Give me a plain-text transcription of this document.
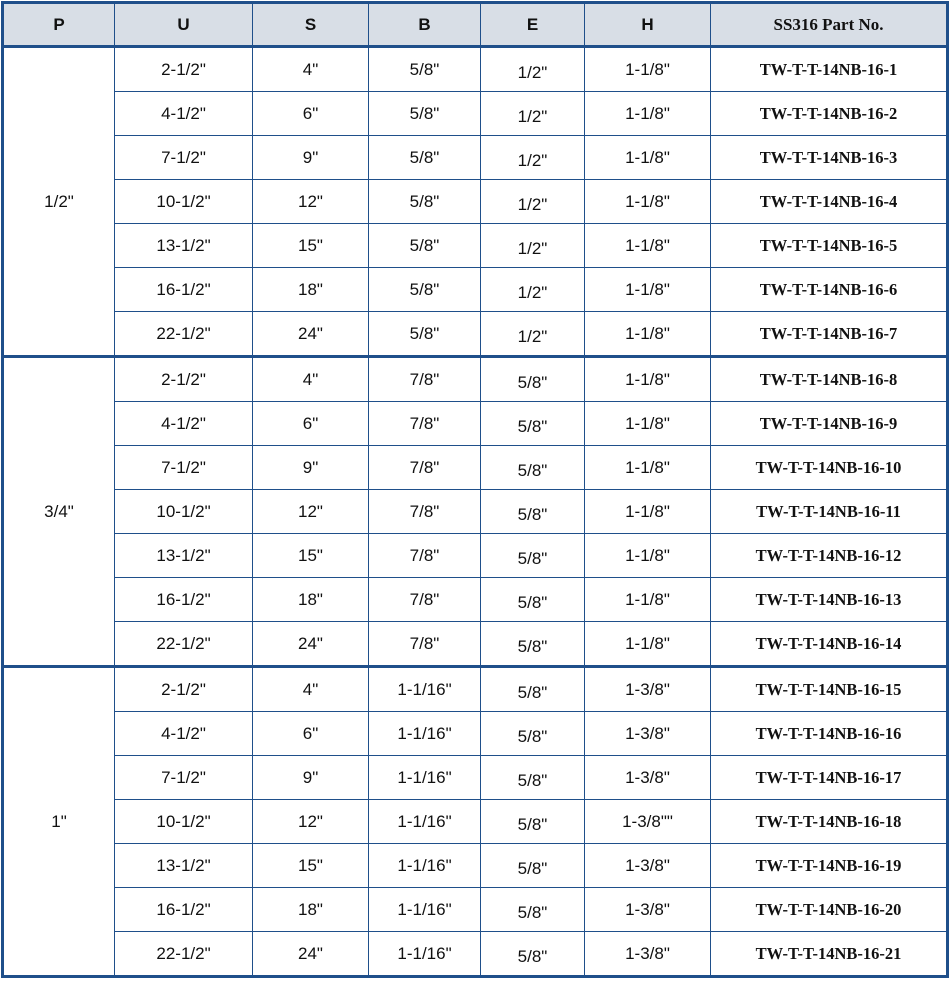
P	U	S	B	E	H	SS316 Part No.
1/2"	2-1/2"	4"	5/8"	1/2"	1-1/8"	TW-T-T-14NB-16-1
	4-1/2"	6"	5/8"	1/2"	1-1/8"	TW-T-T-14NB-16-2
	7-1/2"	9"	5/8"	1/2"	1-1/8"	TW-T-T-14NB-16-3
	10-1/2"	12"	5/8"	1/2"	1-1/8"	TW-T-T-14NB-16-4
	13-1/2"	15"	5/8"	1/2"	1-1/8"	TW-T-T-14NB-16-5
	16-1/2"	18"	5/8"	1/2"	1-1/8"	TW-T-T-14NB-16-6
	22-1/2"	24"	5/8"	1/2"	1-1/8"	TW-T-T-14NB-16-7
3/4"	2-1/2"	4"	7/8"	5/8"	1-1/8"	TW-T-T-14NB-16-8
	4-1/2"	6"	7/8"	5/8"	1-1/8"	TW-T-T-14NB-16-9
	7-1/2"	9"	7/8"	5/8"	1-1/8"	TW-T-T-14NB-16-10
	10-1/2"	12"	7/8"	5/8"	1-1/8"	TW-T-T-14NB-16-11
	13-1/2"	15"	7/8"	5/8"	1-1/8"	TW-T-T-14NB-16-12
	16-1/2"	18"	7/8"	5/8"	1-1/8"	TW-T-T-14NB-16-13
	22-1/2"	24"	7/8"	5/8"	1-1/8"	TW-T-T-14NB-16-14
1"	2-1/2"	4"	1-1/16"	5/8"	1-3/8"	TW-T-T-14NB-16-15
	4-1/2"	6"	1-1/16"	5/8"	1-3/8"	TW-T-T-14NB-16-16
	7-1/2"	9"	1-1/16"	5/8"	1-3/8"	TW-T-T-14NB-16-17
	10-1/2"	12"	1-1/16"	5/8"	1-3/8""	TW-T-T-14NB-16-18
	13-1/2"	15"	1-1/16"	5/8"	1-3/8"	TW-T-T-14NB-16-19
	16-1/2"	18"	1-1/16"	5/8"	1-3/8"	TW-T-T-14NB-16-20
	22-1/2"	24"	1-1/16"	5/8"	1-3/8"	TW-T-T-14NB-16-21
